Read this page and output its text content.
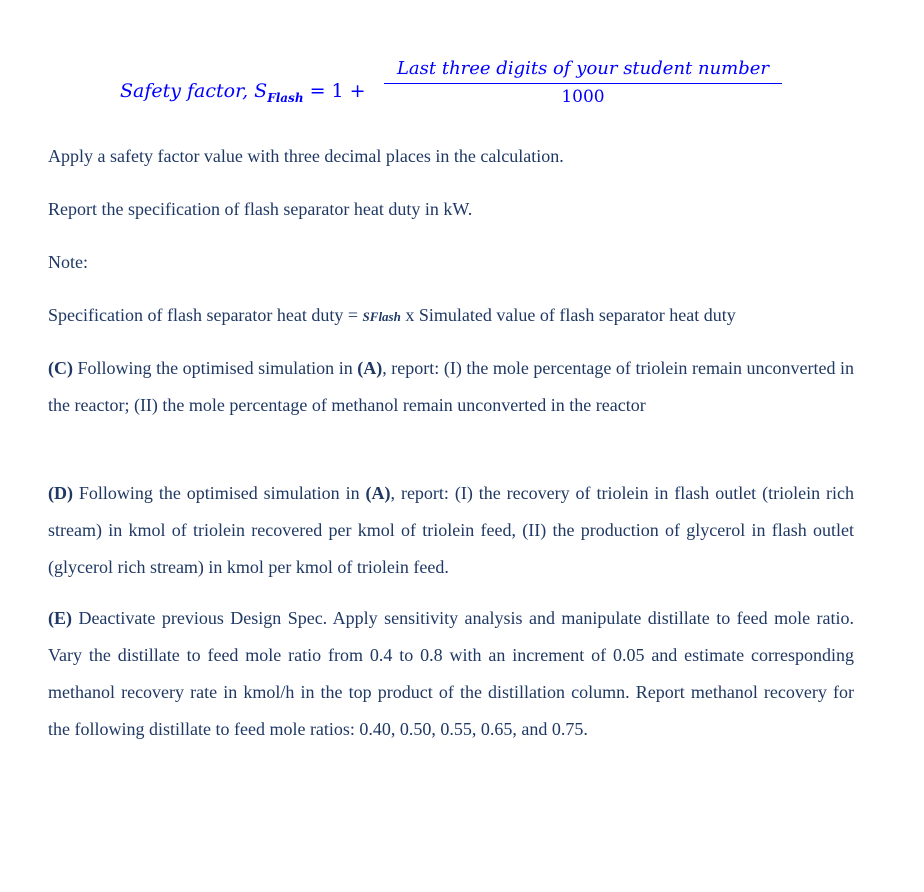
Safety factor, $S_{Flash} = 1$ +
Last three digits of your student number
1000

Apply a safety factor value with three decimal places in the calculation.

Report the specification of flash separator heat duty in kW.

Note:

Specification of flash separator heat duty = SFlash x Simulated value of flash separator heat duty

(C) Following the optimised simulation in (A), report: (I) the mole percentage of triolein remain unconverted in the reactor; (II) the mole percentage of methanol remain unconverted in the reactor

(D) Following the optimised simulation in (A), report: (I) the recovery of triolein in flash outlet (triolein rich stream) in kmol of triolein recovered per kmol of triolein feed, (II) the production of glycerol in flash outlet (glycerol rich stream) in kmol per kmol of triolein feed.

(E) Deactivate previous Design Spec. Apply sensitivity analysis and manipulate distillate to feed mole ratio. Vary the distillate to feed mole ratio from 0.4 to 0.8 with an increment of 0.05 and estimate corresponding methanol recovery rate in kmol/h in the top product of the distillation column. Report methanol recovery for the following distillate to feed mole ratios: 0.40, 0.50, 0.55, 0.65, and 0.75.
